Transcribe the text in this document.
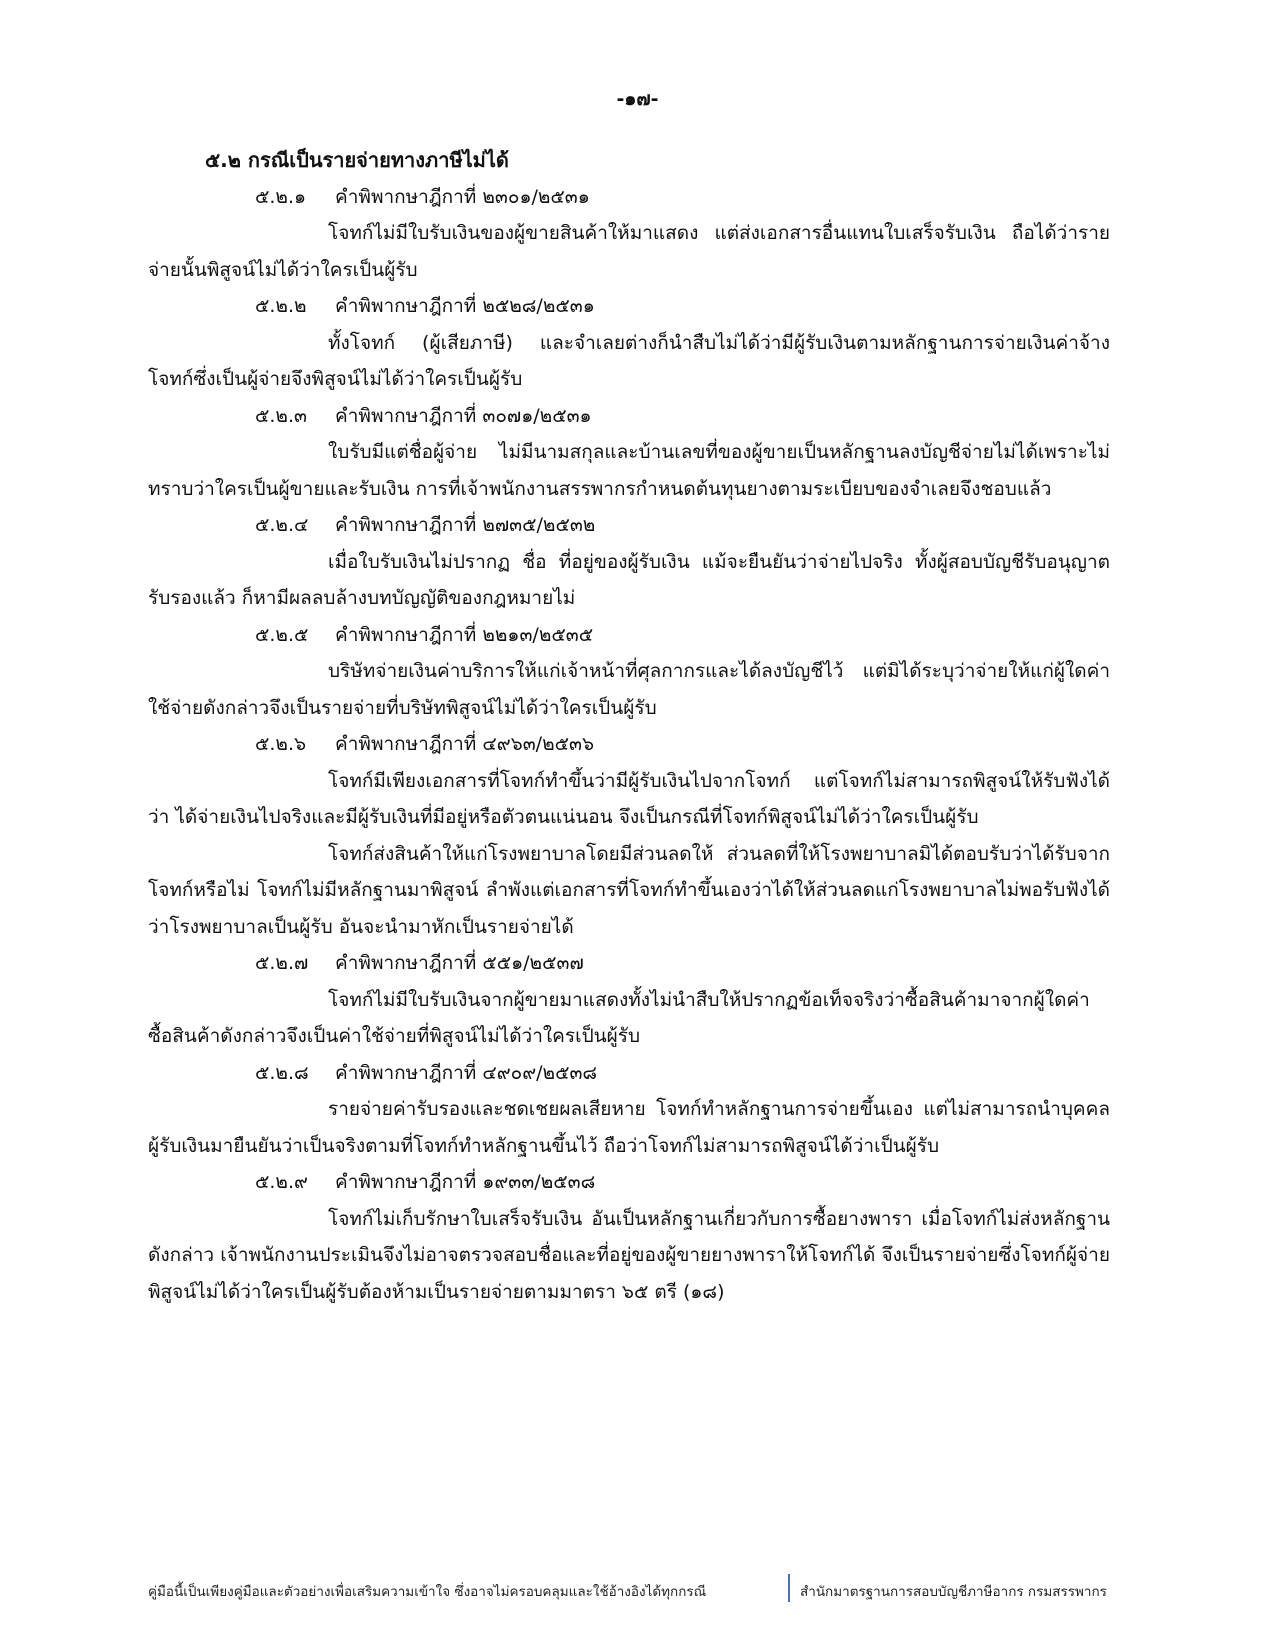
-๑๗-
๕.๒ กรณีเป็นรายจ่ายทางภาษีไม่ได้
๕.๒.๑ คำพิพากษาฎีกาที่ ๒๓๐๑/๒๕๓๑

โจทก์ไม่มีใบรับเงินของผู้ขายสินค้าให้มาแสดง แต่ส่งเอกสารอื่นแทนใบเสร็จรับเงิน ถือได้ว่ารายจ่ายนั้นพิสูจน์ไม่ได้ว่าใครเป็นผู้รับ

๕.๒.๒ คำพิพากษาฎีกาที่ ๒๕๒๘/๒๕๓๑

ทั้งโจทก์ (ผู้เสียภาษี) และจำเลยต่างก็นำสืบไม่ได้ว่ามีผู้รับเงินตามหลักฐานการจ่ายเงินค่าจ้างโจทก์ซึ่งเป็นผู้จ่ายจึงพิสูจน์ไม่ได้ว่าใครเป็นผู้รับ

๕.๒.๓ คำพิพากษาฎีกาที่ ๓๐๗๑/๒๕๓๑

ใบรับมีแต่ชื่อผู้จ่าย ไม่มีนามสกุลและบ้านเลขที่ของผู้ขายเป็นหลักฐานลงบัญชีจ่ายไม่ได้เพราะไม่ทราบว่าใครเป็นผู้ขายและรับเงิน การที่เจ้าพนักงานสรรพากรกำหนดต้นทุนยางตามระเบียบของจำเลยจึงชอบแล้ว

๕.๒.๔ คำพิพากษาฎีกาที่ ๒๗๓๕/๒๕๓๒

เมื่อใบรับเงินไม่ปรากฏ ชื่อ ที่อยู่ของผู้รับเงิน แม้จะยืนยันว่าจ่ายไปจริง ทั้งผู้สอบบัญชีรับอนุญาตรับรองแล้ว ก็หามีผลลบล้างบทบัญญัติของกฎหมายไม่

๕.๒.๕ คำพิพากษาฎีกาที่ ๒๒๑๓/๒๕๓๕

บริษัทจ่ายเงินค่าบริการให้แก่เจ้าหน้าที่ศุลกากรและได้ลงบัญชีไว้ แต่มิได้ระบุว่าจ่ายให้แก่ผู้ใดค่าใช้จ่ายดังกล่าวจึงเป็นรายจ่ายที่บริษัทพิสูจน์ไม่ได้ว่าใครเป็นผู้รับ

๕.๒.๖ คำพิพากษาฎีกาที่ ๔๙๖๓/๒๕๓๖

โจทก์มีเพียงเอกสารที่โจทก์ทำขึ้นว่ามีผู้รับเงินไปจากโจทก์ แต่โจทก์ไม่สามารถพิสูจน์ให้รับฟังได้ว่า ได้จ่ายเงินไปจริงและมีผู้รับเงินที่มีอยู่หรือตัวตนแน่นอน จึงเป็นกรณีที่โจทก์พิสูจน์ไม่ได้ว่าใครเป็นผู้รับ

โจทก์ส่งสินค้าให้แก่โรงพยาบาลโดยมีส่วนลดให้ ส่วนลดที่ให้โรงพยาบาลมิได้ตอบรับว่าได้รับจากโจทก์หรือไม่ โจทก์ไม่มีหลักฐานมาพิสูจน์ ลำพังแต่เอกสารที่โจทก์ทำขึ้นเองว่าได้ให้ส่วนลดแก่โรงพยาบาลไม่พอรับฟังได้ว่าโรงพยาบาลเป็นผู้รับ อันจะนำมาหักเป็นรายจ่ายได้

๕.๒.๗ คำพิพากษาฎีกาที่ ๕๕๑/๒๕๓๗

โจทก์ไม่มีใบรับเงินจากผู้ขายมาแสดงทั้งไม่นำสืบให้ปรากฏข้อเท็จจริงว่าซื้อสินค้ามาจากผู้ใดค่าซื้อสินค้าดังกล่าวจึงเป็นค่าใช้จ่ายที่พิสูจน์ไม่ได้ว่าใครเป็นผู้รับ

๕.๒.๘ คำพิพากษาฎีกาที่ ๔๙๐๙/๒๕๓๘

รายจ่ายค่ารับรองและชดเชยผลเสียหาย โจทก์ทำหลักฐานการจ่ายขึ้นเอง แต่ไม่สามารถนำบุคคลผู้รับเงินมายืนยันว่าเป็นจริงตามที่โจทก์ทำหลักฐานขึ้นไว้ ถือว่าโจทก์ไม่สามารถพิสูจน์ได้ว่าเป็นผู้รับ

๕.๒.๙ คำพิพากษาฎีกาที่ ๑๙๓๓/๒๕๓๘

โจทก์ไม่เก็บรักษาใบเสร็จรับเงิน อันเป็นหลักฐานเกี่ยวกับการซื้อยางพารา เมื่อโจทก์ไม่ส่งหลักฐานดังกล่าว เจ้าพนักงานประเมินจึงไม่อาจตรวจสอบชื่อและที่อยู่ของผู้ขายยางพาราให้โจทก์ได้ จึงเป็นรายจ่ายซึ่งโจทก์ผู้จ่ายพิสูจน์ไม่ได้ว่าใครเป็นผู้รับต้องห้ามเป็นรายจ่ายตามมาตรา ๖๕ ตรี (๑๘)

คู่มือนี้เป็นเพียงคู่มือและตัวอย่างเพื่อเสริมความเข้าใจ ซึ่งอาจไม่ครอบคลุมและใช้อ้างอิงได้ทุกกรณี	สำนักมาตรฐานการสอบบัญชีภาษีอากร กรมสรรพากร
